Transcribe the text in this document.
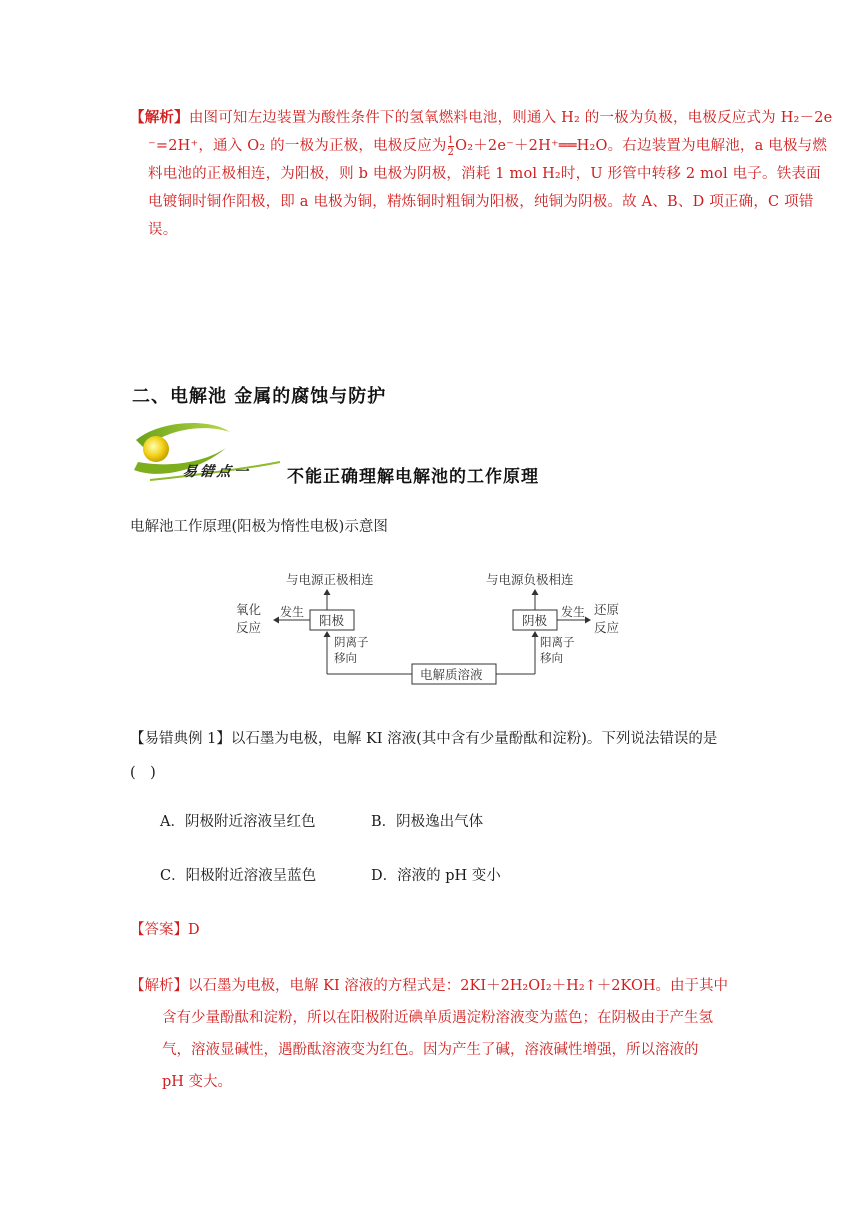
【解析】由图可知左边装置为酸性条件下的氢氧燃料电池，则通入 H₂ 的一极为负极，电极反应式为 H₂－2e
⁻=2H⁺，通入 O₂ 的一极为正极，电极反应为 $\frac{1}{2}$ O₂＋2e⁻＋2H⁺══H₂O。右边装置为电解池，a 电极与燃
料电池的正极相连，为阳极，则 b 电极为阴极，消耗 1 mol H₂时，U 形管中转移 2 mol 电子。铁表面
电镀铜时铜作阳极，即 a 电极为铜，精炼铜时粗铜为阳极，纯铜为阴极。故 A、B、D 项正确，C 项错
误。
二、电解池 金属的腐蚀与防护
易错点一 不能正确理解电解池的工作原理
电解池工作原理(阳极为惰性电极)示意图
与电源正极相连
阳极
发生
氧化
反应
阴离子
移向
电解质溶液
阳离子
移向
阴极
与电源负极相连
发生 还原
反应
【易错典例 1】以石墨为电极，电解 KI 溶液(其中含有少量酚酞和淀粉)。下列说法错误的是
(　)
A．阴极附近溶液呈红色	B．阴极逸出气体
C．阳极附近溶液呈蓝色	D．溶液的 pH 变小
【答案】D
【解析】以石墨为电极，电解 KI 溶液的方程式是：2KI＋2H₂OI₂＋H₂↑＋2KOH。由于其中
含有少量酚酞和淀粉，所以在阳极附近碘单质遇淀粉溶液变为蓝色；在阴极由于产生氢
气，溶液显碱性，遇酚酞溶液变为红色。因为产生了碱，溶液碱性增强，所以溶液的
pH 变大。
